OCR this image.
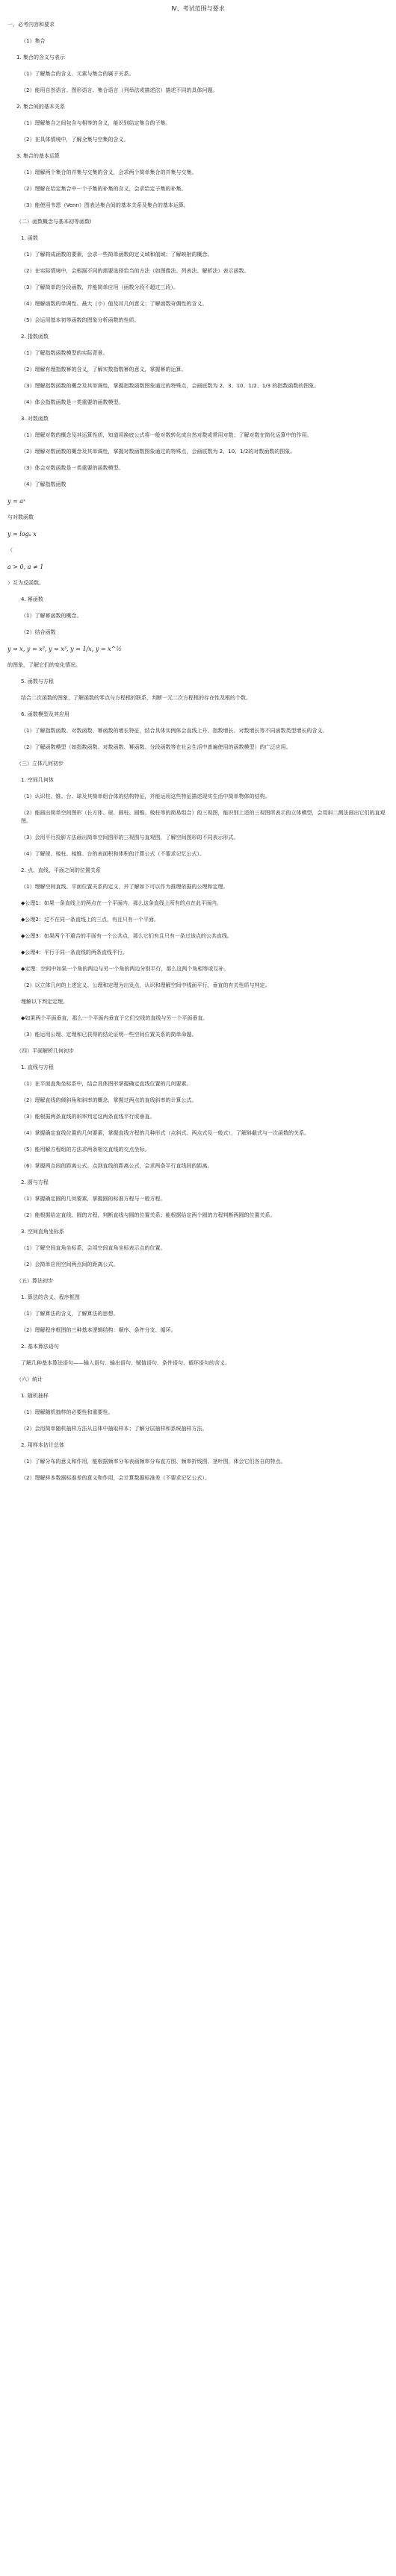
Ⅳ、考试范围与要求
一、必考内容和要求
（1）集合
1. 集合的含义与表示
（1）了解集合的含义、元素与集合的属于关系。
（2）能用自然语言、图形语言、集合语言（列举法或描述法）描述不同的具体问题。
2. 集合间的基本关系
（1）理解集合之间包含与相等的含义，能识别给定集合的子集。
（2）在具体情境中，了解全集与空集的含义。
3. 集合的基本运算
（1）理解两个集合的并集与交集的含义，会求两个简单集合的并集与交集。
（2）理解在给定集合中一个子集的补集的含义，会求给定子集的补集。
（3）能使用韦恩（Venn）图表达集合间的基本关系及集合的基本运算。
（二）函数概念与基本初等函数Ⅰ
1. 函数
（1）了解构成函数的要素，会求一些简单函数的定义域和值域；了解映射的概念。
（2）在实际情境中，会根据不同的需要选择恰当的方法（如图像法、列表法、解析法）表示函数。
（3）了解简单的分段函数，并能简单应用（函数分段不超过三段）。
（4）理解函数的单调性、最大（小）值及其几何意义；了解函数奇偶性的含义。
（5）会运用基本初等函数的图象分析函数的性质。
2. 指数函数
（1）了解指数函数模型的实际背景。
（2）理解有理指数幂的含义，了解实数指数幂的意义，掌握幂的运算。
（3）理解指数函数的概念及其单调性，掌握指数函数图象通过的特殊点，会画底数为 2、3、10、1/2、1/3 的指数函数的图象。
（4）体会指数函数是一类重要的函数模型。
3. 对数函数
（1）理解对数的概念及其运算性质，知道用换底公式将一般对数转化成自然对数或常用对数；了解对数在简化运算中的作用。
（2）理解对数函数的概念及其单调性，掌握对数函数图象通过的特殊点，会画底数为 2、10、1/2的对数函数的图象。
（3）体会对数函数是一类重要的函数模型。
（4）了解指数函数
y = aˣ
与对数函数
y = logₐ x
（
a > 0, a ≠ 1
）互为反函数。
4. 幂函数
（1）了解幂函数的概念。
（2）结合函数
y = x, y = x², y = x³, y = 1/x, y = x^½
的图象，了解它们的变化情况。
5. 函数与方程
结合二次函数的图象，了解函数的零点与方程根的联系，判断一元二次方程根的存在性及根的个数。
6. 函数模型及其应用
（1）了解指数函数、对数函数、幂函数的增长特征，结合具体实例体会直线上升、指数增长、对数增长等不同函数类型增长的含义。
（2）了解函数模型（如指数函数、对数函数、幂函数、分段函数等在社会生活中普遍使用的函数模型）的广泛应用。
（三）立体几何初步
1. 空间几何体
（1）认识柱、锥、台、球及其简单组合体的结构特征，并能运用这些特征描述现实生活中简单物体的结构。
（2）能画出简单空间图形（长方体、球、圆柱、圆锥、棱柱等的简易组合）的三视图，能识别上述的三视图所表示的立体模型，会用斜二测法画出它们的直观图。
（3）会用平行投影方法画出简单空间图形的三视图与直观图，了解空间图形的不同表示形式。
（4）了解球、棱柱、棱锥、台的表面积和体积的计算公式（不要求记忆公式）。
2. 点、直线、平面之间的位置关系
（1）理解空间直线、平面位置关系的定义，并了解如下可以作为推理依据的公理和定理。
◆公理1：如果一条直线上的两点在一个平面内，那么这条直线上所有的点在此平面内。
◆公理2：过不在同一条直线上的三点，有且只有一个平面。
◆公理3：如果两个不重合的平面有一个公共点，那么它们有且只有一条过该点的公共直线。
◆公理4：平行于同一条直线的两条直线平行。
◆定理：空间中如果一个角的两边与另一个角的两边分别平行，那么这两个角相等或互补。
（2）以立体几何的上述定义、公理和定理为出发点，认识和理解空间中线面平行、垂直的有关性质与判定。
理解以下判定定理。
◆如果两个平面垂直，那么一个平面内垂直于它们交线的直线与另一个平面垂直。
（3）能运用公理、定理和已获得的结论证明一些空间位置关系的简单命题。
（四）平面解析几何初步
1. 直线与方程
（1）在平面直角坐标系中，结合具体图形掌握确定直线位置的几何要素。
（2）理解直线的倾斜角和斜率的概念，掌握过两点的直线斜率的计算公式。
（3）能根据两条直线的斜率判定这两条直线平行或垂直。
（4）掌握确定直线位置的几何要素，掌握直线方程的几种形式（点斜式、两点式及一般式），了解斜截式与一次函数的关系。
（5）能用解方程组的方法求两条相交直线的交点坐标。
（6）掌握两点间的距离公式、点到直线的距离公式，会求两条平行直线间的距离。
2. 圆与方程
（1）掌握确定圆的几何要素，掌握圆的标准方程与一般方程。
（2）能根据给定直线、圆的方程，判断直线与圆的位置关系；能根据给定两个圆的方程判断两圆的位置关系。
3. 空间直角坐标系
（1）了解空间直角坐标系，会用空间直角坐标表示点的位置。
（2）会简单应用空间两点间的距离公式。
（五）算法初步
1. 算法的含义、程序框图
（1）了解算法的含义，了解算法的思想。
（2）理解程序框图的三种基本逻辑结构：顺序、条件分支、循环。
2. 基本算法语句
了解几种基本算法语句——输入语句、输出语句、赋值语句、条件语句、循环语句的含义。
（六）统计
1. 随机抽样
（1）理解随机抽样的必要性和重要性。
（2）会用简单随机抽样方法从总体中抽取样本；了解分层抽样和系统抽样方法。
2. 用样本估计总体
（1）了解分布的意义和作用，能根据频率分布表画频率分布直方图、频率折线图、茎叶图，体会它们各自的特点。
（2）理解样本数据标准差的意义和作用，会计算数据标准差（不要求记忆公式）。
